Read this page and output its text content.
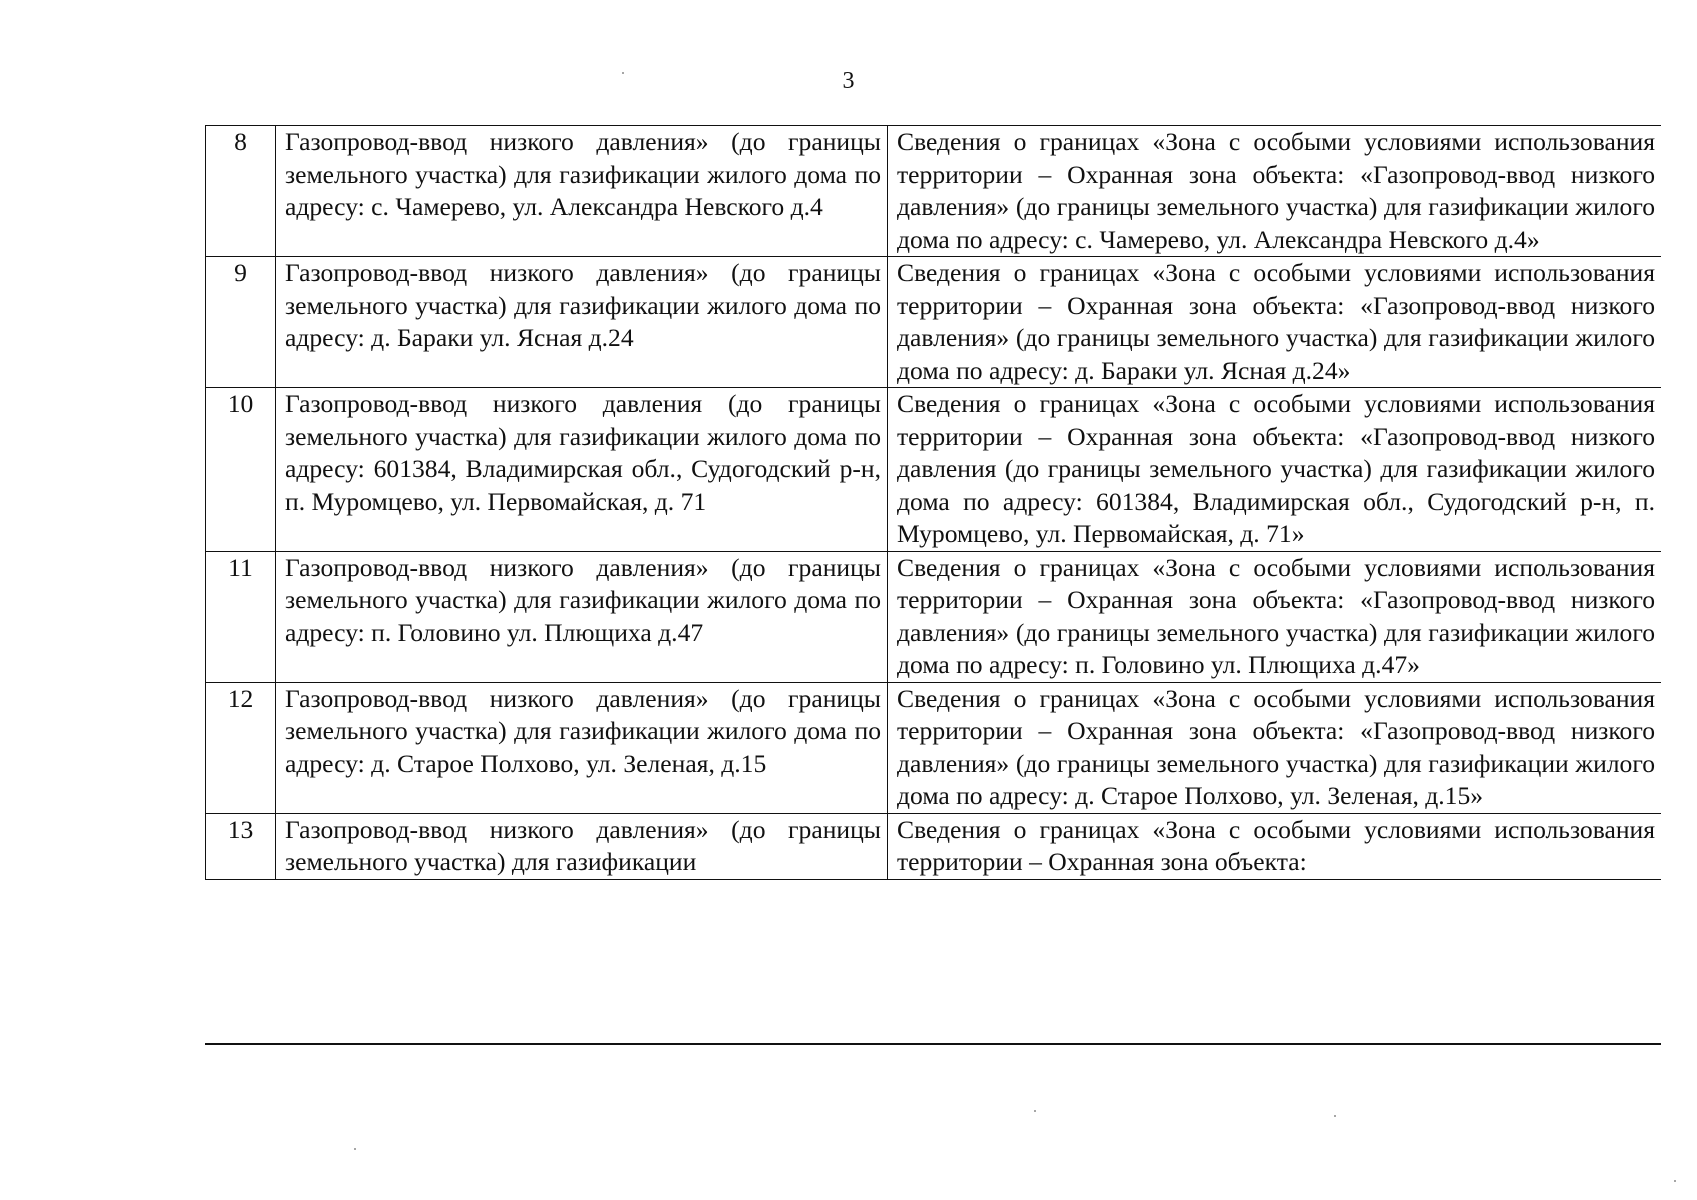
3
8	Газопровод-ввод низкого давления» (до границы земельного участка) для газификации жилого дома по адресу: с. Чамерево, ул. Александра Невского д.4	Сведения о границах «Зона с особыми условиями использования территории – Охранная зона объекта: «Газопровод-ввод низкого давления» (до границы земельного участка) для газификации жилого дома по адресу: с. Чамерево, ул. Александра Невского д.4»
9	Газопровод-ввод низкого давления» (до границы земельного участка) для газификации жилого дома по адресу: д. Бараки ул. Ясная д.24	Сведения о границах «Зона с особыми условиями использования территории – Охранная зона объекта: «Газопровод-ввод низкого давления» (до границы земельного участка) для газификации жилого дома по адресу: д. Бараки ул. Ясная д.24»
10	Газопровод-ввод низкого давления (до границы земельного участка) для газификации жилого дома по адресу: 601384, Владимирская обл., Судогодский р-н, п. Муромцево, ул. Первомайская, д. 71	Сведения о границах «Зона с особыми условиями использования территории – Охранная зона объекта: «Газопровод-ввод низкого давления (до границы земельного участка) для газификации жилого дома по адресу: 601384, Владимирская обл., Судогодский р-н, п. Муромцево, ул. Первомайская, д. 71»
11	Газопровод-ввод низкого давления» (до границы земельного участка) для газификации жилого дома по адресу: п. Головино ул. Плющиха д.47	Сведения о границах «Зона с особыми условиями использования территории – Охранная зона объекта: «Газопровод-ввод низкого давления» (до границы земельного участка) для газификации жилого дома по адресу: п. Головино ул. Плющиха д.47»
12	Газопровод-ввод низкого давления» (до границы земельного участка) для газификации жилого дома по адресу: д. Старое Полхово, ул. Зеленая, д.15	Сведения о границах «Зона с особыми условиями использования территории – Охранная зона объекта: «Газопровод-ввод низкого давления» (до границы земельного участка) для газификации жилого дома по адресу: д. Старое Полхово, ул. Зеленая, д.15»
13	Газопровод-ввод низкого давления» (до границы земельного участка) для газификации	Сведения о границах «Зона с особыми условиями использования территории – Охранная зона объекта:
